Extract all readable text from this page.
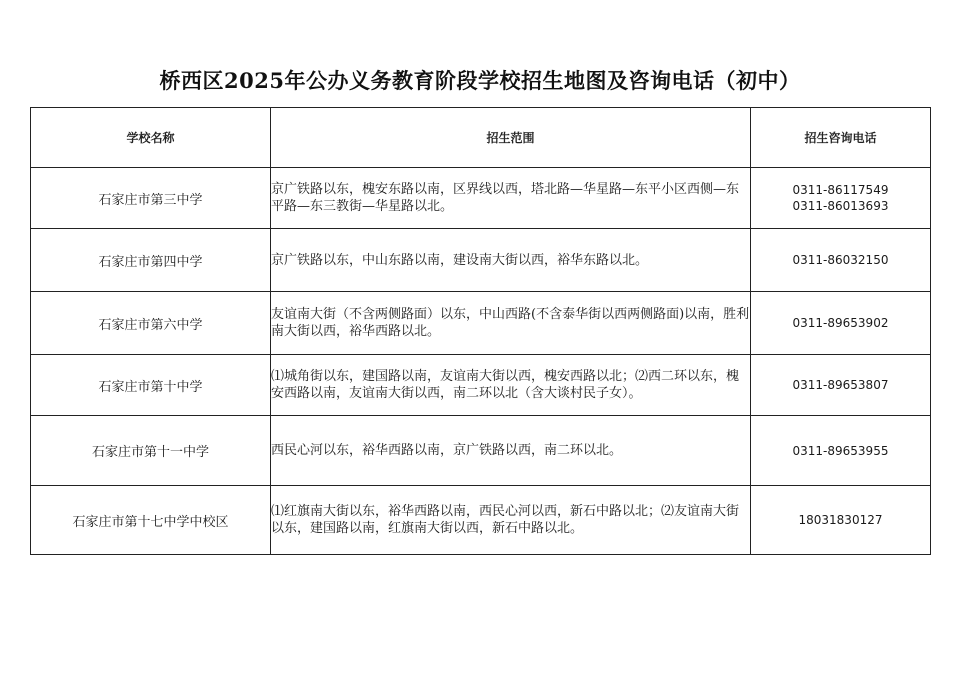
桥西区2025年公办义务教育阶段学校招生地图及咨询电话（初中）
学校名称	招生范围	招生咨询电话
石家庄市第三中学	京广铁路以东，槐安东路以南，区界线以西，塔北路—华星路—东平小区西侧—东平路—东三教街—华星路以北。	0311-86117549
0311-86013693

石家庄市第四中学	京广铁路以东，中山东路以南，建设南大街以西，裕华东路以北。	0311-86032150

石家庄市第六中学	友谊南大街（不含两侧路面）以东，中山西路(不含泰华街以西两侧路面)以南，胜利南大街以西，裕华西路以北。	0311-89653902

石家庄市第十中学	⑴城角街以东，建国路以南，友谊南大街以西，槐安西路以北；⑵西二环以东，槐安西路以南，友谊南大街以西，南二环以北（含大谈村民子女）。	0311-89653807

石家庄市第十一中学	西民心河以东，裕华西路以南，京广铁路以西，南二环以北。	0311-89653955

石家庄市第十七中学中校区	⑴红旗南大街以东，裕华西路以南，西民心河以西，新石中路以北；⑵友谊南大街以东，建国路以南，红旗南大街以西，新石中路以北。	18031830127
